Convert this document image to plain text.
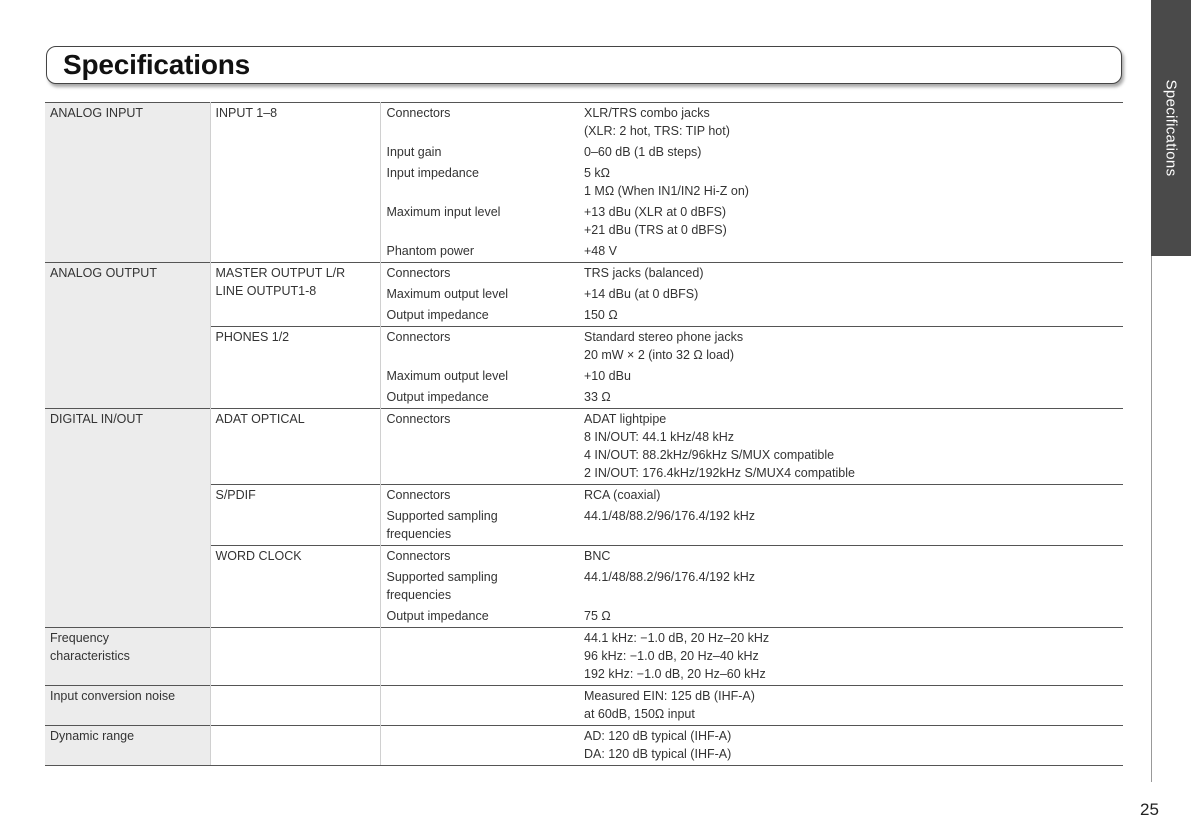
Specifications
Specifications
ANALOG INPUT	INPUT 1–8	Connectors	XLR/TRS combo jacks
(XLR: 2 hot, TRS: TIP hot)

		Input gain	0–60 dB (1 dB steps)

		Input impedance	5 kΩ
1 MΩ (When IN1/IN2 Hi-Z on)

		Maximum input level	+13 dBu (XLR at 0 dBFS)
+21 dBu (TRS at 0 dBFS)

		Phantom power	+48 V

ANALOG OUTPUT	MASTER OUTPUT L/R
LINE OUTPUT1-8	Connectors	TRS jacks (balanced)

		Maximum output level	+14 dBu (at 0 dBFS)

		Output impedance	150 Ω

	PHONES 1/2	Connectors	Standard stereo phone jacks
20 mW × 2 (into 32 Ω load)

		Maximum output level	+10 dBu

		Output impedance	33 Ω

DIGITAL IN/OUT	ADAT OPTICAL	Connectors	ADAT lightpipe
8 IN/OUT: 44.1 kHz/48 kHz
4 IN/OUT: 88.2kHz/96kHz S/MUX compatible
2 IN/OUT: 176.4kHz/192kHz S/MUX4 compatible

	S/PDIF	Connectors	RCA (coaxial)

		Supported sampling
frequencies	44.1/48/88.2/96/176.4/192 kHz

	WORD CLOCK	Connectors	BNC

		Supported sampling
frequencies	44.1/48/88.2/96/176.4/192 kHz

		Output impedance	75 Ω

Frequency
characteristics			44.1 kHz: −1.0 dB, 20 Hz–20 kHz
96 kHz: −1.0 dB, 20 Hz–40 kHz
192 kHz: −1.0 dB, 20 Hz–60 kHz

Input conversion noise			Measured EIN: 125 dB (IHF-A)
at 60dB, 150Ω input

Dynamic range			AD: 120 dB typical (IHF-A)
DA: 120 dB typical (IHF-A)
25
